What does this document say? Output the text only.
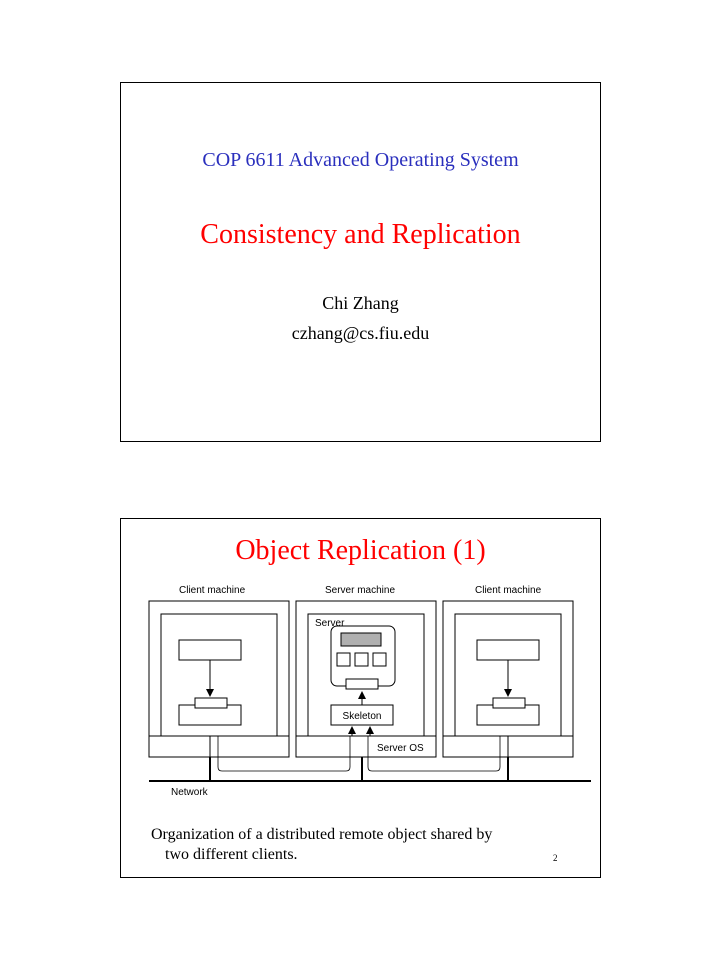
COP 6611 Advanced Operating System
Consistency and Replication
Chi Zhang
czhang@cs.fiu.edu
Object Replication (1)
Client machine	Server machine	Client machine
Server
Skeleton
Server OS
Network
Organization of a distributed remote object shared by
two different clients.	2
